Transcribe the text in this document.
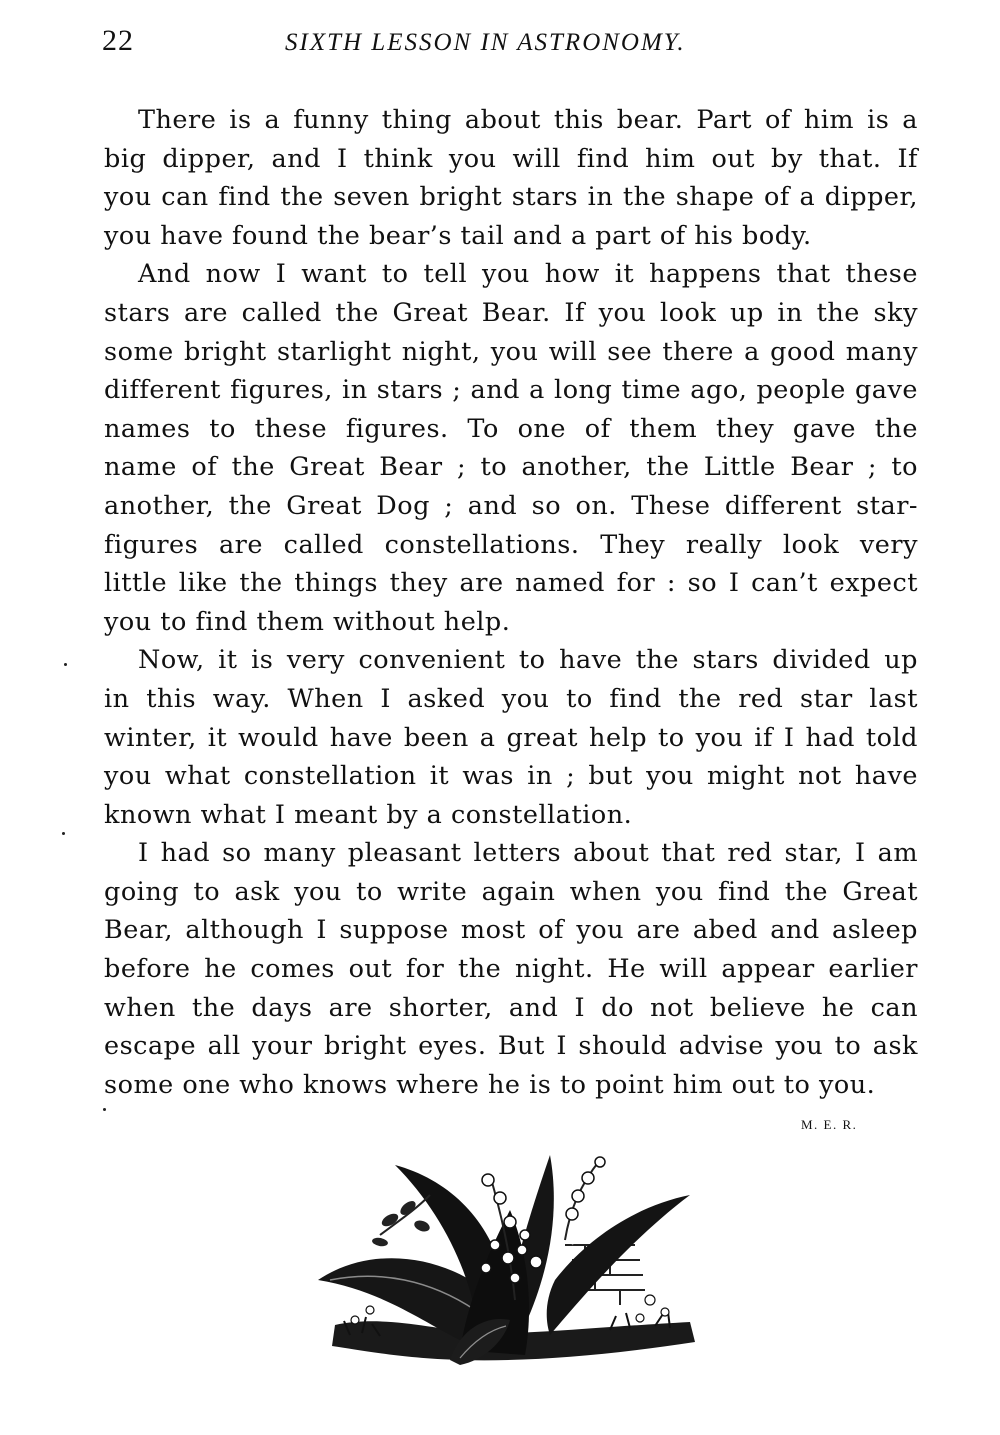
22	SIXTH LESSON IN ASTRONOMY.

There is a funny thing about this bear. Part of him is a

big dipper, and I think you will find him out by that. If

you can find the seven bright stars in the shape of a dipper,

you have found the bear’s tail and a part of his body.

And now I want to tell you how it happens that these

stars are called the Great Bear. If you look up in the sky

some bright starlight night, you will see there a good many

different figures, in stars ; and a long time ago, people gave

names to these figures. To one of them they gave the

name of the Great Bear ; to another, the Little Bear ; to

another, the Great Dog ; and so on. These different star-

figures are called constellations. They really look very

little like the things they are named for : so I can’t expect

you to find them without help.

Now, it is very convenient to have the stars divided up

in this way. When I asked you to find the red star last

winter, it would have been a great help to you if I had told

you what constellation it was in ; but you might not have

known what I meant by a constellation.

I had so many pleasant letters about that red star, I am

going to ask you to write again when you find the Great

Bear, although I suppose most of you are abed and asleep

before he comes out for the night. He will appear earlier

when the days are shorter, and I do not believe he can

escape all your bright eyes. But I should advise you to ask

some one who knows where he is to point him out to you.

M. E. R.
